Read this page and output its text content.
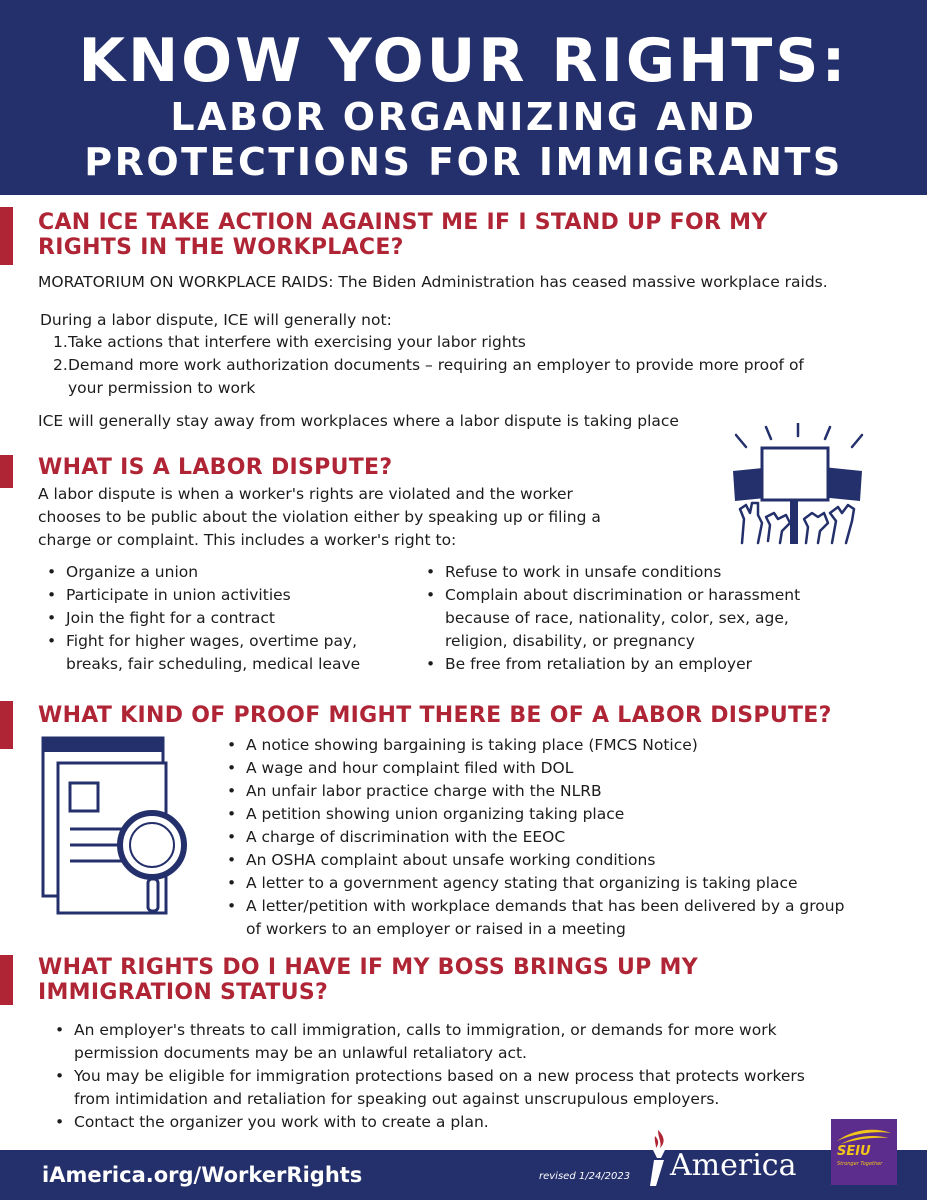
KNOW YOUR RIGHTS:
LABOR ORGANIZING AND
PROTECTIONS FOR IMMIGRANTS
CAN ICE TAKE ACTION AGAINST ME IF I STAND UP FOR MY
RIGHTS IN THE WORKPLACE?
MORATORIUM ON WORKPLACE RAIDS: The Biden Administration has ceased massive workplace raids.
During a labor dispute, ICE will generally not:
1. Take actions that interfere with exercising your labor rights
2. Demand more work authorization documents – requiring an employer to provide more proof of
your permission to work
ICE will generally stay away from workplaces where a labor dispute is taking place
WHAT IS A LABOR DISPUTE?
A labor dispute is when a worker's rights are violated and the worker
chooses to be public about the violation either by speaking up or filing a
charge or complaint. This includes a worker's right to:
• Organize a union
• Participate in union activities
• Join the fight for a contract
• Fight for higher wages, overtime pay,
breaks, fair scheduling, medical leave
• Refuse to work in unsafe conditions
• Complain about discrimination or harassment
because of race, nationality, color, sex, age,
religion, disability, or pregnancy
• Be free from retaliation by an employer
WHAT KIND OF PROOF MIGHT THERE BE OF A LABOR DISPUTE?
• A notice showing bargaining is taking place (FMCS Notice)
• A wage and hour complaint filed with DOL
• An unfair labor practice charge with the NLRB
• A petition showing union organizing taking place
• A charge of discrimination with the EEOC
• An OSHA complaint about unsafe working conditions
• A letter to a government agency stating that organizing is taking place
• A letter/petition with workplace demands that has been delivered by a group
of workers to an employer or raised in a meeting
WHAT RIGHTS DO I HAVE IF MY BOSS BRINGS UP MY
IMMIGRATION STATUS?
• An employer's threats to call immigration, calls to immigration, or demands for more work
permission documents may be an unlawful retaliatory act.
• You may be eligible for immigration protections based on a new process that protects workers
from intimidation and retaliation for speaking out against unscrupulous employers.
• Contact the organizer you work with to create a plan.
iAmerica.org/WorkerRights	revised 1/24/2023 America	SEIU
Stronger Together
